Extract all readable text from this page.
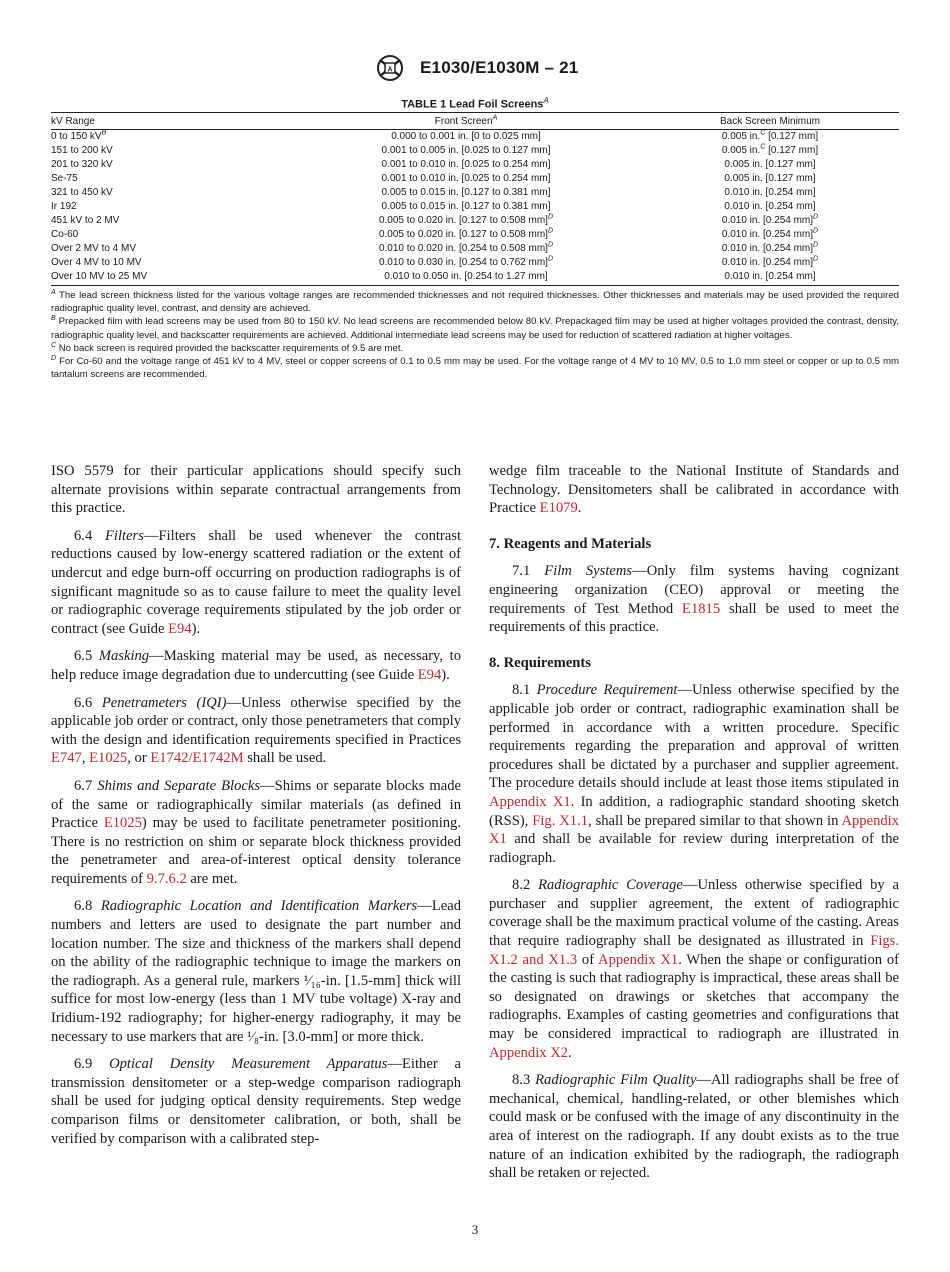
A E1030/E1030M – 21
TABLE 1 Lead Foil Screens$^A$
kV Range	Front Screen$^A$	Back Screen Minimum
0 to 150 $kV^B$	0.000 to 0.001 in. [0 to 0.025 mm]	0.005 in.$^C$ [0.127 mm]
151 to 200 kV	0.001 to 0.005 in. [0.025 to 0.127 mm]	0.005 in.$^C$ [0.127 mm]
201 to 320 kV	0.001 to 0.010 in. [0.025 to 0.254 mm]	0.005 in. [0.127 mm]
Se-75	0.001 to 0.010 in. [0.025 to 0.254 mm]	0.005 in. [0.127 mm]
321 to 450 kV	0.005 to 0.015 in. [0.127 to 0.381 mm]	0.010 in. [0.254 mm]
Ir 192	0.005 to 0.015 in. [0.127 to 0.381 mm]	0.010 in. [0.254 mm]
451 kV to 2 MV	0.005 to 0.020 in. [0.127 to 0.508 mm]$^D$	0.010 in. [0.254 mm]$^D$
Co-60	0.005 to 0.020 in. [0.127 to 0.508 mm]$^D$	0.010 in. [0.254 mm]$^D$
Over 2 MV to 4 MV	0.010 to 0.020 in. [0.254 to 0.508 mm]$^D$	0.010 in. [0.254 mm]$^D$
Over 4 MV to 10 MV	0.010 to 0.030 in. [0.254 to 0.762 mm]$^D$	0.010 in. [0.254 mm]$^D$
Over 10 MV to 25 MV	0.010 to 0.050 in. [0.254 to 1.27 mm]	0.010 in. [0.254 mm]

$^A$ The lead screen thickness listed for the various voltage ranges are recommended thicknesses and not required thicknesses. Other thicknesses and materials may be used provided the required radiographic quality level, contrast, and density are achieved.

$^B$ Prepacked film with lead screens may be used from 80 to 150 kV. No lead screens are recommended below 80 kV. Prepackaged film may be used at higher voltages provided the contrast, density, radiographic quality level, and backscatter requirements are achieved. Additional intermediate lead screens may be used for reduction of scattered radiation at higher voltages.

$^C$ No back screen is required provided the backscatter requirements of 9.5 are met.

$^D$ For Co-60 and the voltage range of 451 kV to 4 MV, steel or copper screens of 0.1 to 0.5 mm may be used. For the voltage range of 4 MV to 10 MV, 0.5 to 1.0 mm steel or copper or up to 0.5 mm tantalum screens are recommended.

ISO 5579 for their particular applications should specify such alternate provisions within separate contractual arrangements from this practice.

6.4 Filters—Filters shall be used whenever the contrast reductions caused by low-energy scattered radiation or the extent of undercut and edge burn-off occurring on production radiographs is of significant magnitude so as to cause failure to meet the quality level or radiographic coverage requirements stipulated by the job order or contract (see Guide E94).

6.5 Masking—Masking material may be used, as necessary, to help reduce image degradation due to undercutting (see Guide E94).

6.6 Penetrameters (IQI)—Unless otherwise specified by the applicable job order or contract, only those penetrameters that comply with the design and identification requirements specified in Practices E747, E1025, or E1742/E1742M shall be used.

6.7 Shims and Separate Blocks—Shims or separate blocks made of the same or radiographically similar materials (as defined in Practice E1025) may be used to facilitate penetrameter positioning. There is no restriction on shim or separate block thickness provided the penetrameter and area-of-interest optical density tolerance requirements of 9.7.6.2 are met.

6.8 Radiographic Location and Identification Markers—Lead numbers and letters are used to designate the part number and location number. The size and thickness of the markers shall depend on the ability of the radiographic technique to image the markers on the radiograph. As a general rule, markers ¹⁄₁₆-in. [1.5-mm] thick will suffice for most low-energy (less than 1 MV tube voltage) X-ray and Iridium-192 radiography; for higher-energy radiography, it may be necessary to use markers that are ¹⁄₈-in. [3.0-mm] or more thick.

6.9 Optical Density Measurement Apparatus—Either a transmission densitometer or a step-wedge comparison radiograph shall be used for judging optical density requirements. Step wedge comparison films or densitometer calibration, or both, shall be verified by comparison with a calibrated step-

wedge film traceable to the National Institute of Standards and Technology. Densitometers shall be calibrated in accordance with Practice E1079.

7. Reagents and Materials

7.1 Film Systems—Only film systems having cognizant engineering organization (CEO) approval or meeting the requirements of Test Method E1815 shall be used to meet the requirements of this practice.

8. Requirements

8.1 Procedure Requirement—Unless otherwise specified by the applicable job order or contract, radiographic examination shall be performed in accordance with a written procedure. Specific requirements regarding the preparation and approval of written procedures shall be dictated by a purchaser and supplier agreement. The procedure details should include at least those items stipulated in Appendix X1. In addition, a radiographic standard shooting sketch (RSS), Fig. X1.1, shall be prepared similar to that shown in Appendix X1 and shall be available for review during interpretation of the radiograph.

8.2 Radiographic Coverage—Unless otherwise specified by a purchaser and supplier agreement, the extent of radiographic coverage shall be the maximum practical volume of the casting. Areas that require radiography shall be designated as illustrated in Figs. X1.2 and X1.3 of Appendix X1. When the shape or configuration of the casting is such that radiography is impractical, these areas shall be so designated on drawings or sketches that accompany the radiographs. Examples of casting geometries and configurations that may be considered impractical to radiograph are illustrated in Appendix X2.

8.3 Radiographic Film Quality—All radiographs shall be free of mechanical, chemical, handling-related, or other blemishes which could mask or be confused with the image of any discontinuity in the area of interest on the radiograph. If any doubt exists as to the true nature of an indication exhibited by the radiograph, the radiograph shall be retaken or rejected.

3
